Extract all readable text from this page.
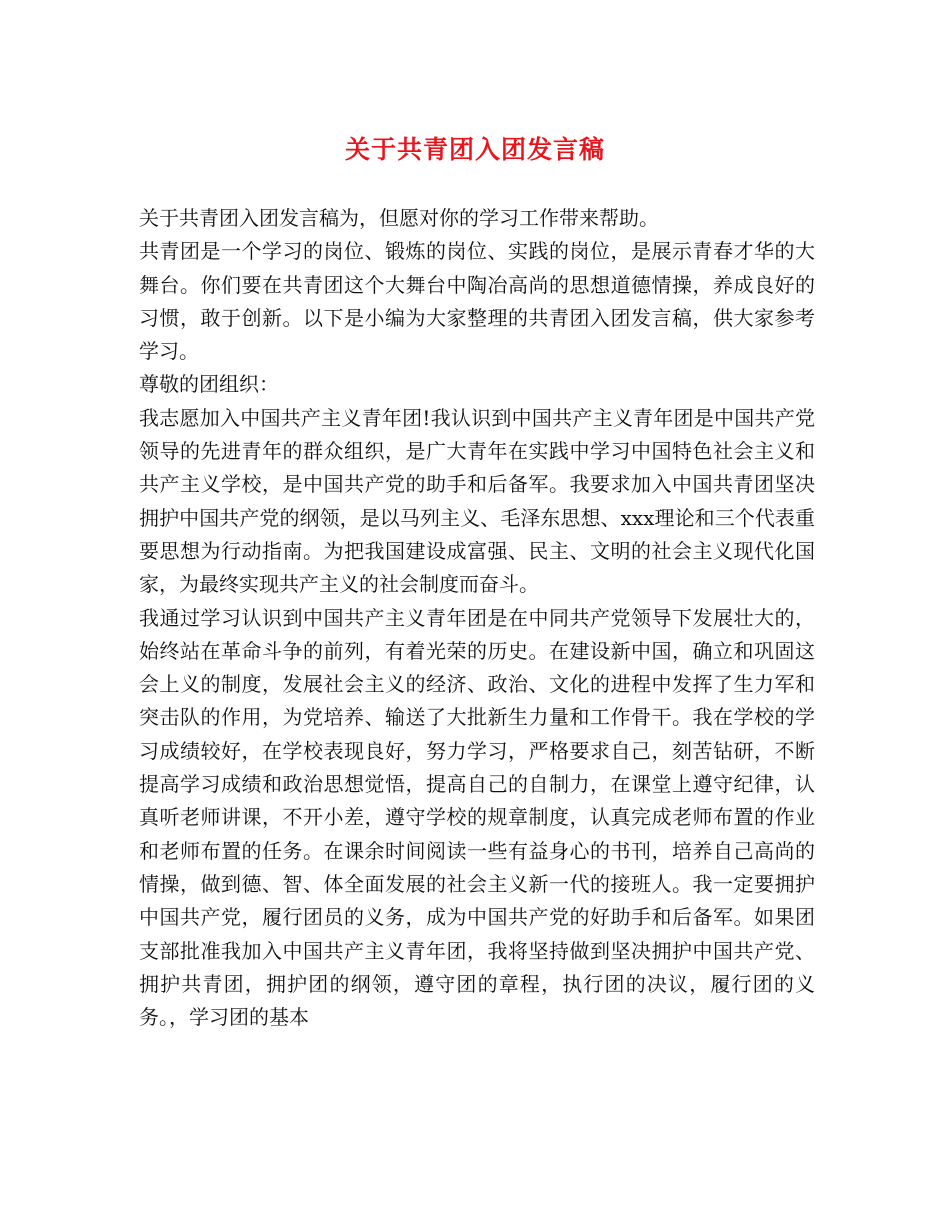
关于共青团入团发言稿

关于共青团入团发言稿为，但愿对你的学习工作带来帮助。

共青团是一个学习的岗位、锻炼的岗位、实践的岗位，是展示青春才华的大舞台。你们要在共青团这个大舞台中陶冶高尚的思想道德情操，养成良好的习惯，敢于创新。以下是小编为大家整理的共青团入团发言稿，供大家参考学习。

尊敬的团组织：

我志愿加入中国共产主义青年团!我认识到中国共产主义青年团是中国共产党领导的先进青年的群众组织，是广大青年在实践中学习中国特色社会主义和共产主义学校，是中国共产党的助手和后备军。我要求加入中国共青团坚决拥护中国共产党的纲领，是以马列主义、毛泽东思想、xxx理论和三个代表重要思想为行动指南。为把我国建设成富强、民主、文明的社会主义现代化国家，为最终实现共产主义的社会制度而奋斗。

我通过学习认识到中国共产主义青年团是在中同共产党领导下发展壮大的，始终站在革命斗争的前列，有着光荣的历史。在建设新中国，确立和巩固这会上义的制度，发展社会主义的经济、政治、文化的进程中发挥了生力军和突击队的作用，为党培养、输送了大批新生力量和工作骨干。我在学校的学习成绩较好，在学校表现良好，努力学习，严格要求自己，刻苦钻研，不断提高学习成绩和政治思想觉悟，提高自己的自制力，在课堂上遵守纪律，认真听老师讲课，不开小差，遵守学校的规章制度，认真完成老师布置的作业和老师布置的任务。在课余时间阅读一些有益身心的书刊，培养自己高尚的情操，做到德、智、体全面发展的社会主义新一代的接班人。我一定要拥护中国共产党，履行团员的义务，成为中国共产党的好助手和后备军。如果团支部批准我加入中国共产主义青年团，我将坚持做到坚决拥护中国共产党、拥护共青团，拥护团的纲领，遵守团的章程，执行团的决议，履行团的义务。，学习团的基本
